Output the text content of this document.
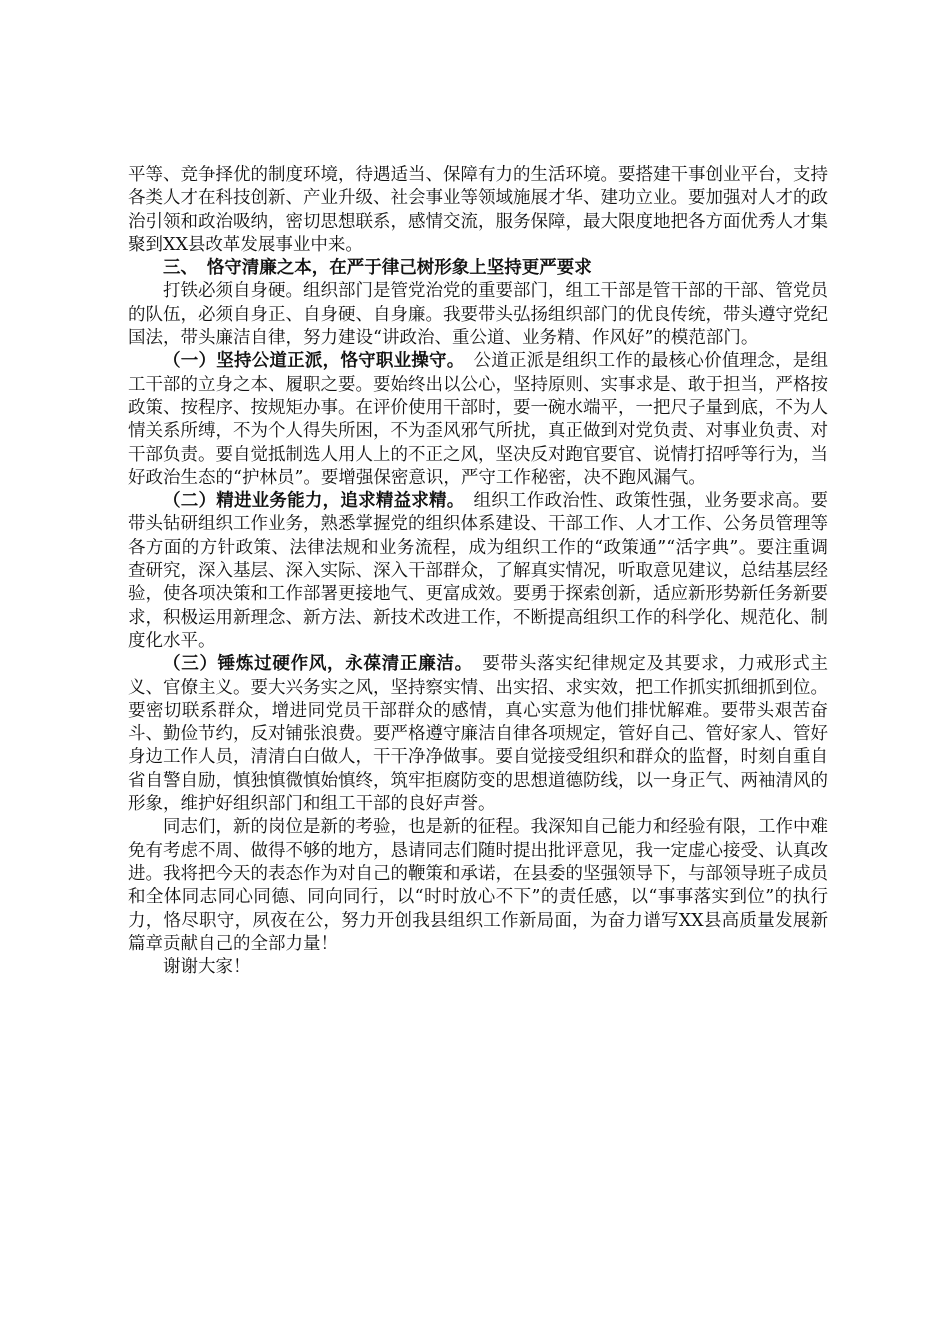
平等、竞争择优的制度环境，待遇适当、保障有力的生活环境。要搭建干事创业平台，支持各类人才在科技创新、产业升级、社会事业等领域施展才华、建功立业。要加强对人才的政治引领和政治吸纳，密切思想联系，感情交流，服务保障，最大限度地把各方面优秀人才集聚到XX县改革发展事业中来。

三、　恪守清廉之本，在严于律己树形象上坚持更严要求

打铁必须自身硬。组织部门是管党治党的重要部门，组工干部是管干部的干部、管党员的队伍，必须自身正、自身硬、自身廉。我要带头弘扬组织部门的优良传统，带头遵守党纪国法，带头廉洁自律，努力建设“讲政治、重公道、业务精、作风好”的模范部门。

（一）坚持公道正派，恪守职业操守。　公道正派是组织工作的最核心价值理念，是组工干部的立身之本、履职之要。要始终出以公心，坚持原则、实事求是、敢于担当，严格按政策、按程序、按规矩办事。在评价使用干部时，要一碗水端平，一把尺子量到底，不为人情关系所缚，不为个人得失所困，不为歪风邪气所扰，真正做到对党负责、对事业负责、对干部负责。要自觉抵制选人用人上的不正之风，坚决反对跑官要官、说情打招呼等行为，当好政治生态的“护林员”。要增强保密意识，严守工作秘密，决不跑风漏气。

（二）精进业务能力，追求精益求精。　组织工作政治性、政策性强，业务要求高。要带头钻研组织工作业务，熟悉掌握党的组织体系建设、干部工作、人才工作、公务员管理等各方面的方针政策、法律法规和业务流程，成为组织工作的“政策通”“活字典”。要注重调查研究，深入基层、深入实际、深入干部群众，了解真实情况，听取意见建议，总结基层经验，使各项决策和工作部署更接地气、更富成效。要勇于探索创新，适应新形势新任务新要求，积极运用新理念、新方法、新技术改进工作，不断提高组织工作的科学化、规范化、制度化水平。

（三）锤炼过硬作风，永葆清正廉洁。　要带头落实纪律规定及其要求，力戒形式主义、官僚主义。要大兴务实之风，坚持察实情、出实招、求实效，把工作抓实抓细抓到位。要密切联系群众，增进同党员干部群众的感情，真心实意为他们排忧解难。要带头艰苦奋斗、勤俭节约，反对铺张浪费。要严格遵守廉洁自律各项规定，管好自己、管好家人、管好身边工作人员，清清白白做人，干干净净做事。要自觉接受组织和群众的监督，时刻自重自省自警自励，慎独慎微慎始慎终，筑牢拒腐防变的思想道德防线，以一身正气、两袖清风的形象，维护好组织部门和组工干部的良好声誉。

同志们，新的岗位是新的考验，也是新的征程。我深知自己能力和经验有限，工作中难免有考虑不周、做得不够的地方，恳请同志们随时提出批评意见，我一定虚心接受、认真改进。我将把今天的表态作为对自己的鞭策和承诺，在县委的坚强领导下，与部领导班子成员和全体同志同心同德、同向同行，以“时时放心不下”的责任感，以“事事落实到位”的执行力，恪尽职守，夙夜在公，努力开创我县组织工作新局面，为奋力谱写XX县高质量发展新篇章贡献自己的全部力量！

谢谢大家！
